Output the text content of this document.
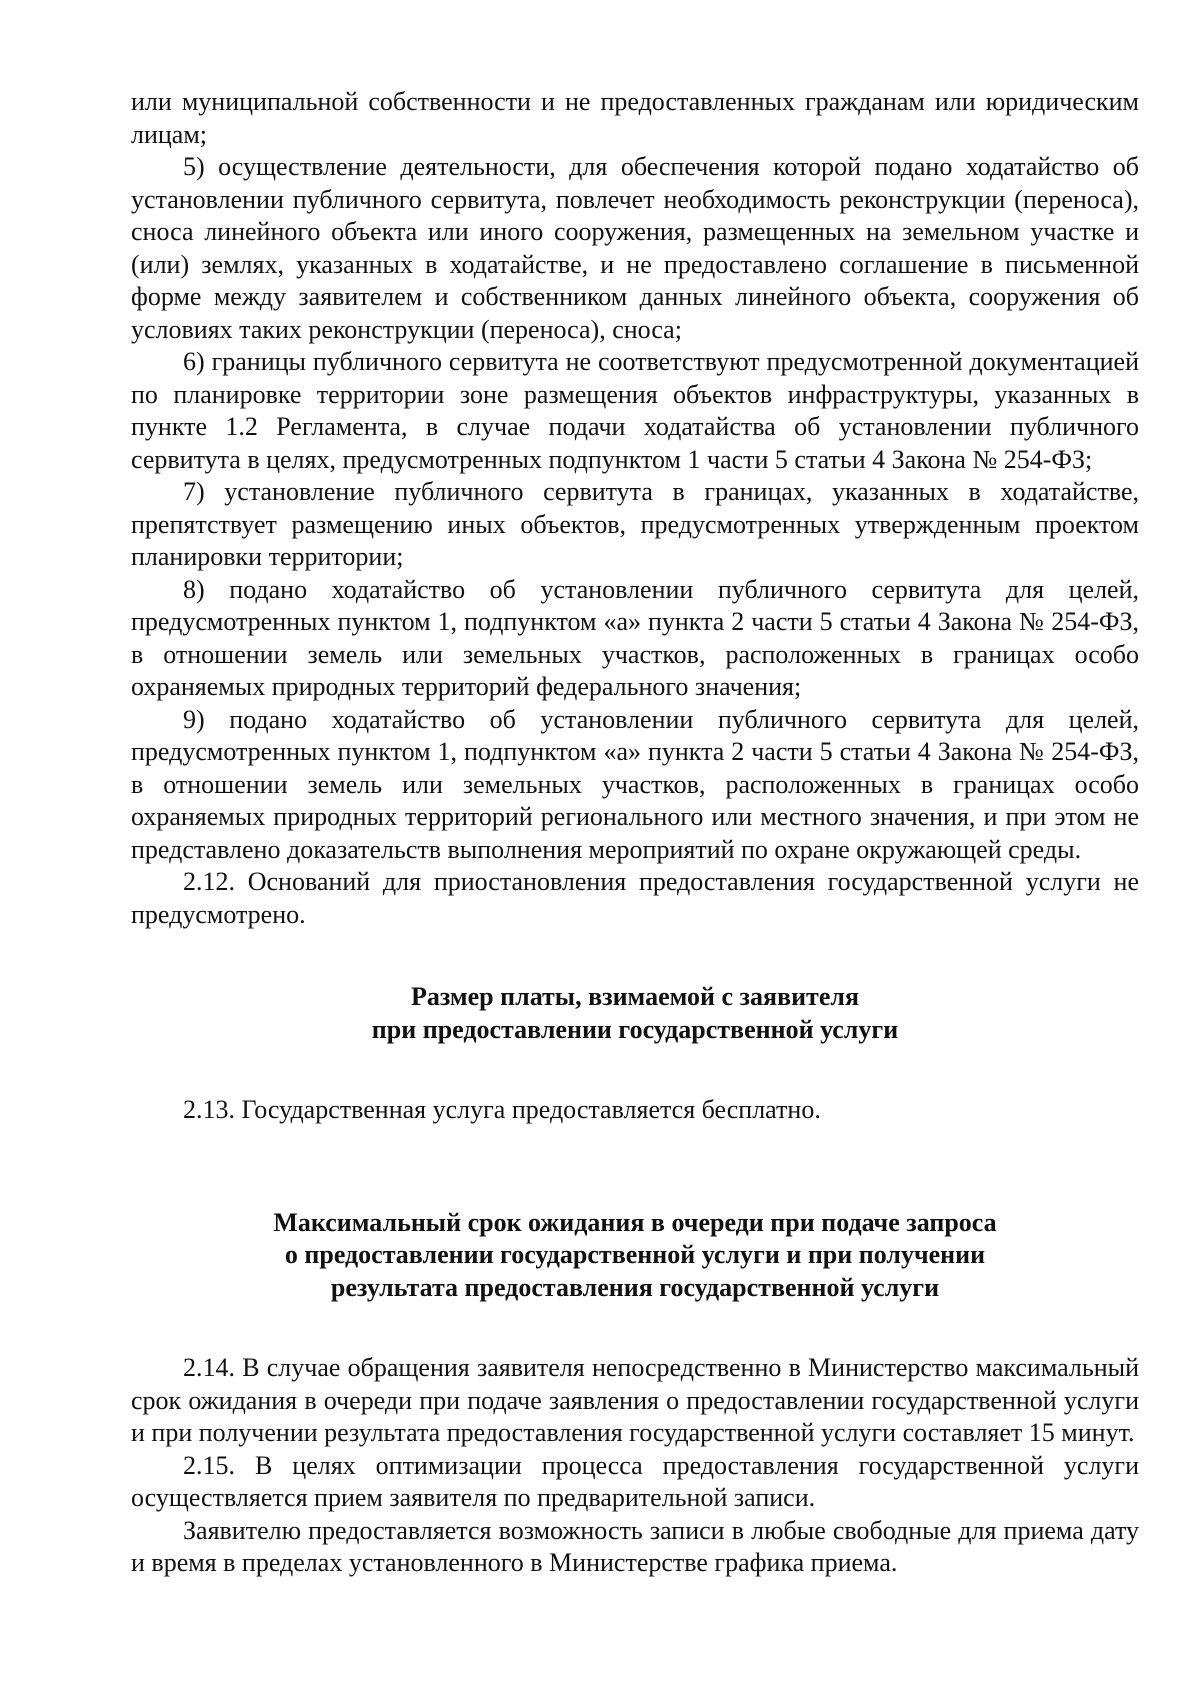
или муниципальной собственности и не предоставленных гражданам или юридическим лицам;

5) осуществление деятельности, для обеспечения которой подано ходатайство об установлении публичного сервитута, повлечет необходимость реконструкции (переноса), сноса линейного объекта или иного сооружения, размещенных на земельном участке и (или) землях, указанных в ходатайстве, и не предоставлено соглашение в письменной форме между заявителем и собственником данных линейного объекта, сооружения об условиях таких реконструкции (переноса), сноса;

6) границы публичного сервитута не соответствуют предусмотренной документацией по планировке территории зоне размещения объектов инфраструктуры, указанных в пункте 1.2 Регламента, в случае подачи ходатайства об установлении публичного сервитута в целях, предусмотренных подпунктом 1 части 5 статьи 4 Закона № 254-ФЗ;

7) установление публичного сервитута в границах, указанных в ходатайстве, препятствует размещению иных объектов, предусмотренных утвержденным проектом планировки территории;

8) подано ходатайство об установлении публичного сервитута для целей, предусмотренных пунктом 1, подпунктом «а» пункта 2 части 5 статьи 4 Закона № 254-ФЗ, в отношении земель или земельных участков, расположенных в границах особо охраняемых природных территорий федерального значения;

9) подано ходатайство об установлении публичного сервитута для целей, предусмотренных пунктом 1, подпунктом «а» пункта 2 части 5 статьи 4 Закона № 254-ФЗ, в отношении земель или земельных участков, расположенных в границах особо охраняемых природных территорий регионального или местного значения, и при этом не представлено доказательств выполнения мероприятий по охране окружающей среды.

2.12. Оснований для приостановления предоставления государственной услуги не предусмотрено.

Размер платы, взимаемой с заявителя
при предоставлении государственной услуги

2.13. Государственная услуга предоставляется бесплатно.

Максимальный срок ожидания в очереди при подаче запроса
о предоставлении государственной услуги и при получении
результата предоставления государственной услуги

2.14. В случае обращения заявителя непосредственно в Министерство максимальный срок ожидания в очереди при подаче заявления о предоставлении государственной услуги и при получении результата предоставления государственной услуги составляет 15 минут.

2.15. В целях оптимизации процесса предоставления государственной услуги осуществляется прием заявителя по предварительной записи.

Заявителю предоставляется возможность записи в любые свободные для приема дату и время в пределах установленного в Министерстве графика приема.
